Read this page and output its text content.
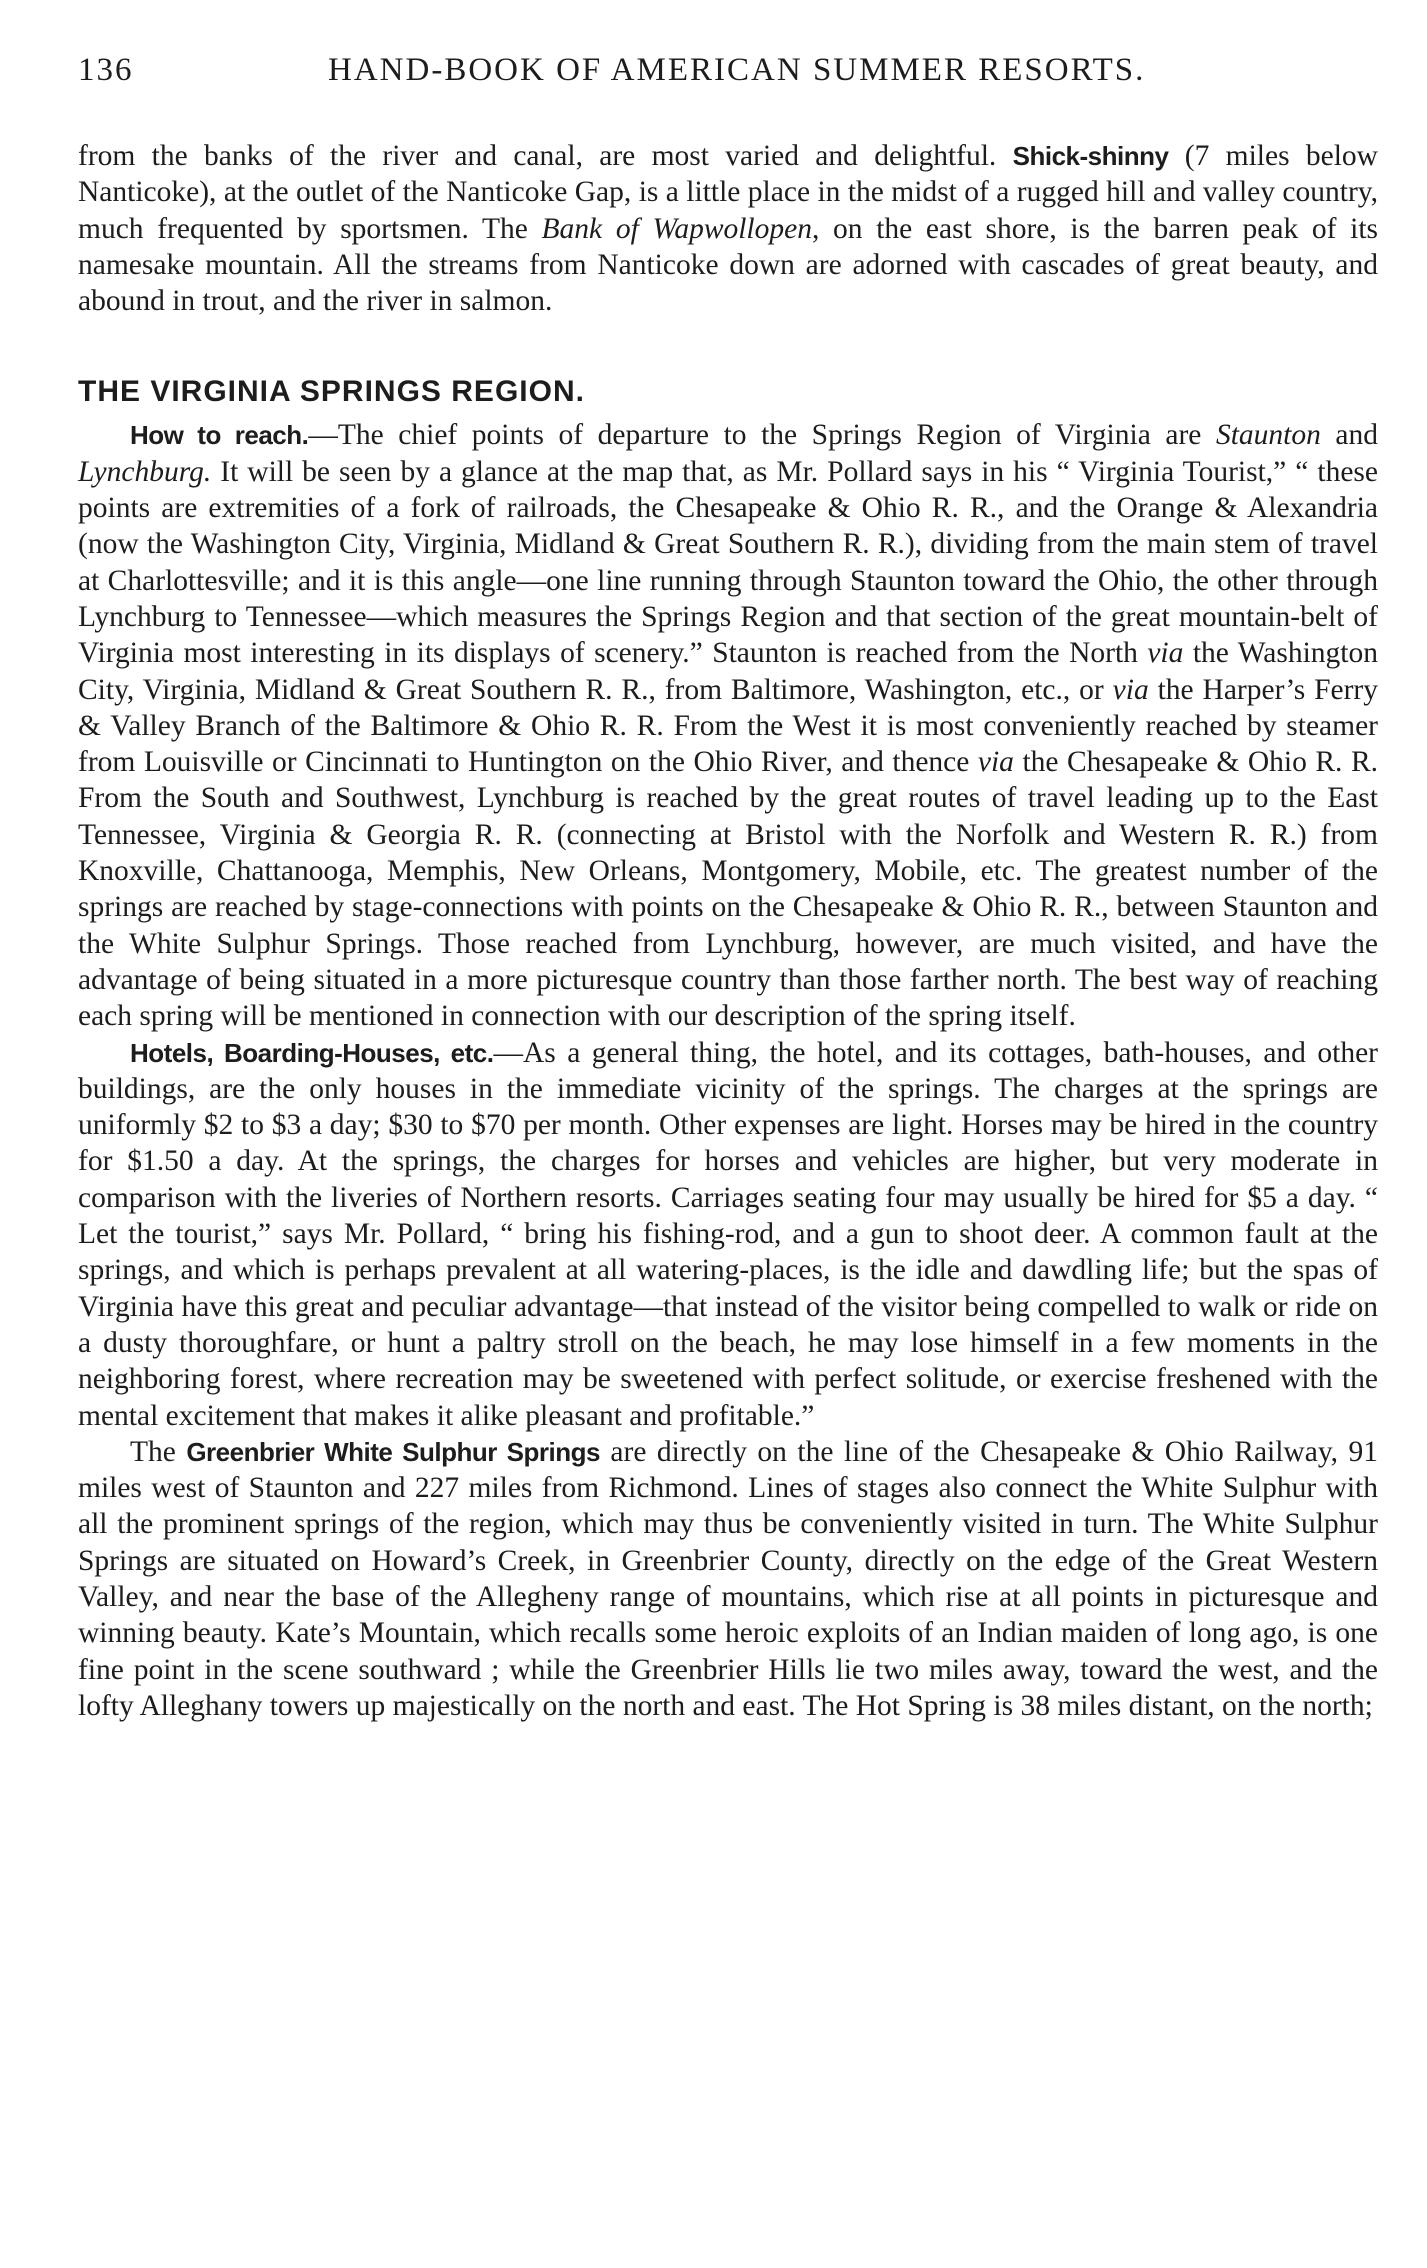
136	HAND-BOOK OF AMERICAN SUMMER RESORTS.

from the banks of the river and canal, are most varied and delightful. Shick-shinny (7 miles below Nanticoke), at the outlet of the Nanticoke Gap, is a little place in the midst of a rugged hill and valley country, much frequented by sportsmen. The Bank of Wapwollopen, on the east shore, is the barren peak of its namesake mountain. All the streams from Nanticoke down are adorned with cascades of great beauty, and abound in trout, and the river in salmon.

THE VIRGINIA SPRINGS REGION.

How to reach.—The chief points of departure to the Springs Region of Virginia are Staunton and Lynchburg. It will be seen by a glance at the map that, as Mr. Pollard says in his “ Virginia Tourist,” “ these points are extremities of a fork of railroads, the Chesapeake & Ohio R. R., and the Orange & Alexandria (now the Washington City, Virginia, Midland & Great Southern R. R.), dividing from the main stem of travel at Charlottesville; and it is this angle—one line running through Staunton toward the Ohio, the other through Lynchburg to Tennessee—which measures the Springs Region and that section of the great mountain-belt of Virginia most interesting in its displays of scenery.” Staunton is reached from the North via the Washington City, Virginia, Midland & Great Southern R. R., from Baltimore, Washington, etc., or via the Harper’s Ferry & Valley Branch of the Baltimore & Ohio R. R. From the West it is most conveniently reached by steamer from Louisville or Cincinnati to Huntington on the Ohio River, and thence via the Chesapeake & Ohio R. R. From the South and Southwest, Lynchburg is reached by the great routes of travel leading up to the East Tennessee, Virginia & Georgia R. R. (connecting at Bristol with the Norfolk and Western R. R.) from Knoxville, Chattanooga, Memphis, New Orleans, Montgomery, Mobile, etc. The greatest number of the springs are reached by stage-connections with points on the Chesapeake & Ohio R. R., between Staunton and the White Sulphur Springs. Those reached from Lynchburg, however, are much visited, and have the advantage of being situated in a more picturesque country than those farther north. The best way of reaching each spring will be mentioned in connection with our description of the spring itself.

Hotels, Boarding-Houses, etc.—As a general thing, the hotel, and its cottages, bath-houses, and other buildings, are the only houses in the immediate vicinity of the springs. The charges at the springs are uniformly $2 to $3 a day; $30 to $70 per month. Other expenses are light. Horses may be hired in the country for $1.50 a day. At the springs, the charges for horses and vehicles are higher, but very moderate in comparison with the liveries of Northern resorts. Carriages seating four may usually be hired for $5 a day. “ Let the tourist,” says Mr. Pollard, “ bring his fishing-rod, and a gun to shoot deer. A common fault at the springs, and which is perhaps prevalent at all watering-places, is the idle and dawdling life; but the spas of Virginia have this great and peculiar advantage—that instead of the visitor being compelled to walk or ride on a dusty thoroughfare, or hunt a paltry stroll on the beach, he may lose himself in a few moments in the neighboring forest, where recreation may be sweetened with perfect solitude, or exercise freshened with the mental excitement that makes it alike pleasant and profitable.”

The Greenbrier White Sulphur Springs are directly on the line of the Chesapeake & Ohio Railway, 91 miles west of Staunton and 227 miles from Richmond. Lines of stages also connect the White Sulphur with all the prominent springs of the region, which may thus be conveniently visited in turn. The White Sulphur Springs are situated on Howard’s Creek, in Greenbrier County, directly on the edge of the Great Western Valley, and near the base of the Allegheny range of mountains, which rise at all points in picturesque and winning beauty. Kate’s Mountain, which recalls some heroic exploits of an Indian maiden of long ago, is one fine point in the scene southward ; while the Greenbrier Hills lie two miles away, toward the west, and the lofty Alleghany towers up majestically on the north and east. The Hot Spring is 38 miles distant, on the north;
